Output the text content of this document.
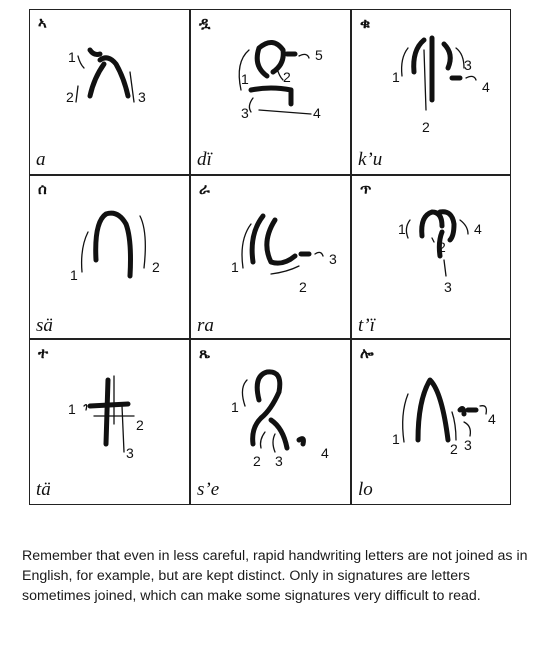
ኣ
1
2	3
a
ዷ
1 2
3	4
5
dï
ቁ
1
2
3
4
k’u
ሰ
1	2
sä
ራ
1
2
3
ra
ጥ
1
2
3
4
t’ï
ተ
1
2
3
tä
ጼ
1
2 3	4
s’e
ሎ
1
2 3
4
lo

Remember that even in less careful, rapid handwriting letters are not joined as in English, for example, but are kept distinct. Only in signatures are letters sometimes joined, which can make some signatures very difficult to read.
